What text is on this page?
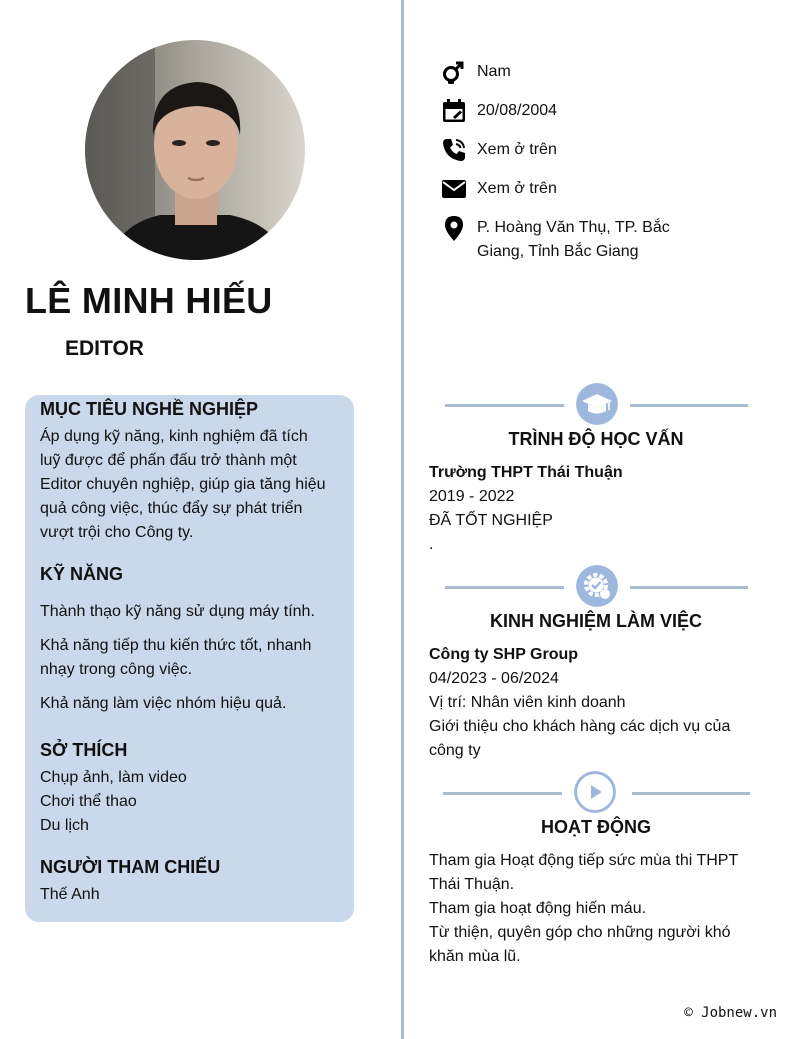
LÊ MINH HIẾU
EDITOR
Nam
20/08/2004
Xem ở trên
Xem ở trên
P. Hoàng Văn Thụ, TP. Bắc
Giang, Tỉnh Bắc Giang
MỤC TIÊU NGHỀ NGHIỆP
Áp dụng kỹ năng, kinh nghiệm đã tích
luỹ được để phấn đấu trở thành một
Editor chuyên nghiệp, giúp gia tăng hiệu
quả công việc, thúc đẩy sự phát triển
vượt trội cho Công ty.
KỸ NĂNG
Thành thạo kỹ năng sử dụng máy tính.
Khả năng tiếp thu kiến thức tốt, nhanh nhạy trong công việc.
Khả năng làm việc nhóm hiệu quả.
SỞ THÍCH
Chụp ảnh, làm video
Chơi thể thao
Du lịch
NGƯỜI THAM CHIẾU
Thế Anh
TRÌNH ĐỘ HỌC VẤN
Trường THPT Thái Thuận
2019 - 2022
ĐÃ TỐT NGHIỆP
.
KINH NGHIỆM LÀM VIỆC
Công ty SHP Group
04/2023 - 06/2024
Vị trí: Nhân viên kinh doanh
Giới thiệu cho khách hàng các dịch vụ của
công ty
HOẠT ĐỘNG
Tham gia Hoạt động tiếp sức mùa thi THPT
Thái Thuận.
Tham gia hoạt động hiến máu.
Từ thiện, quyên góp cho những người khó
khăn mùa lũ.
© Jobnew.vn
